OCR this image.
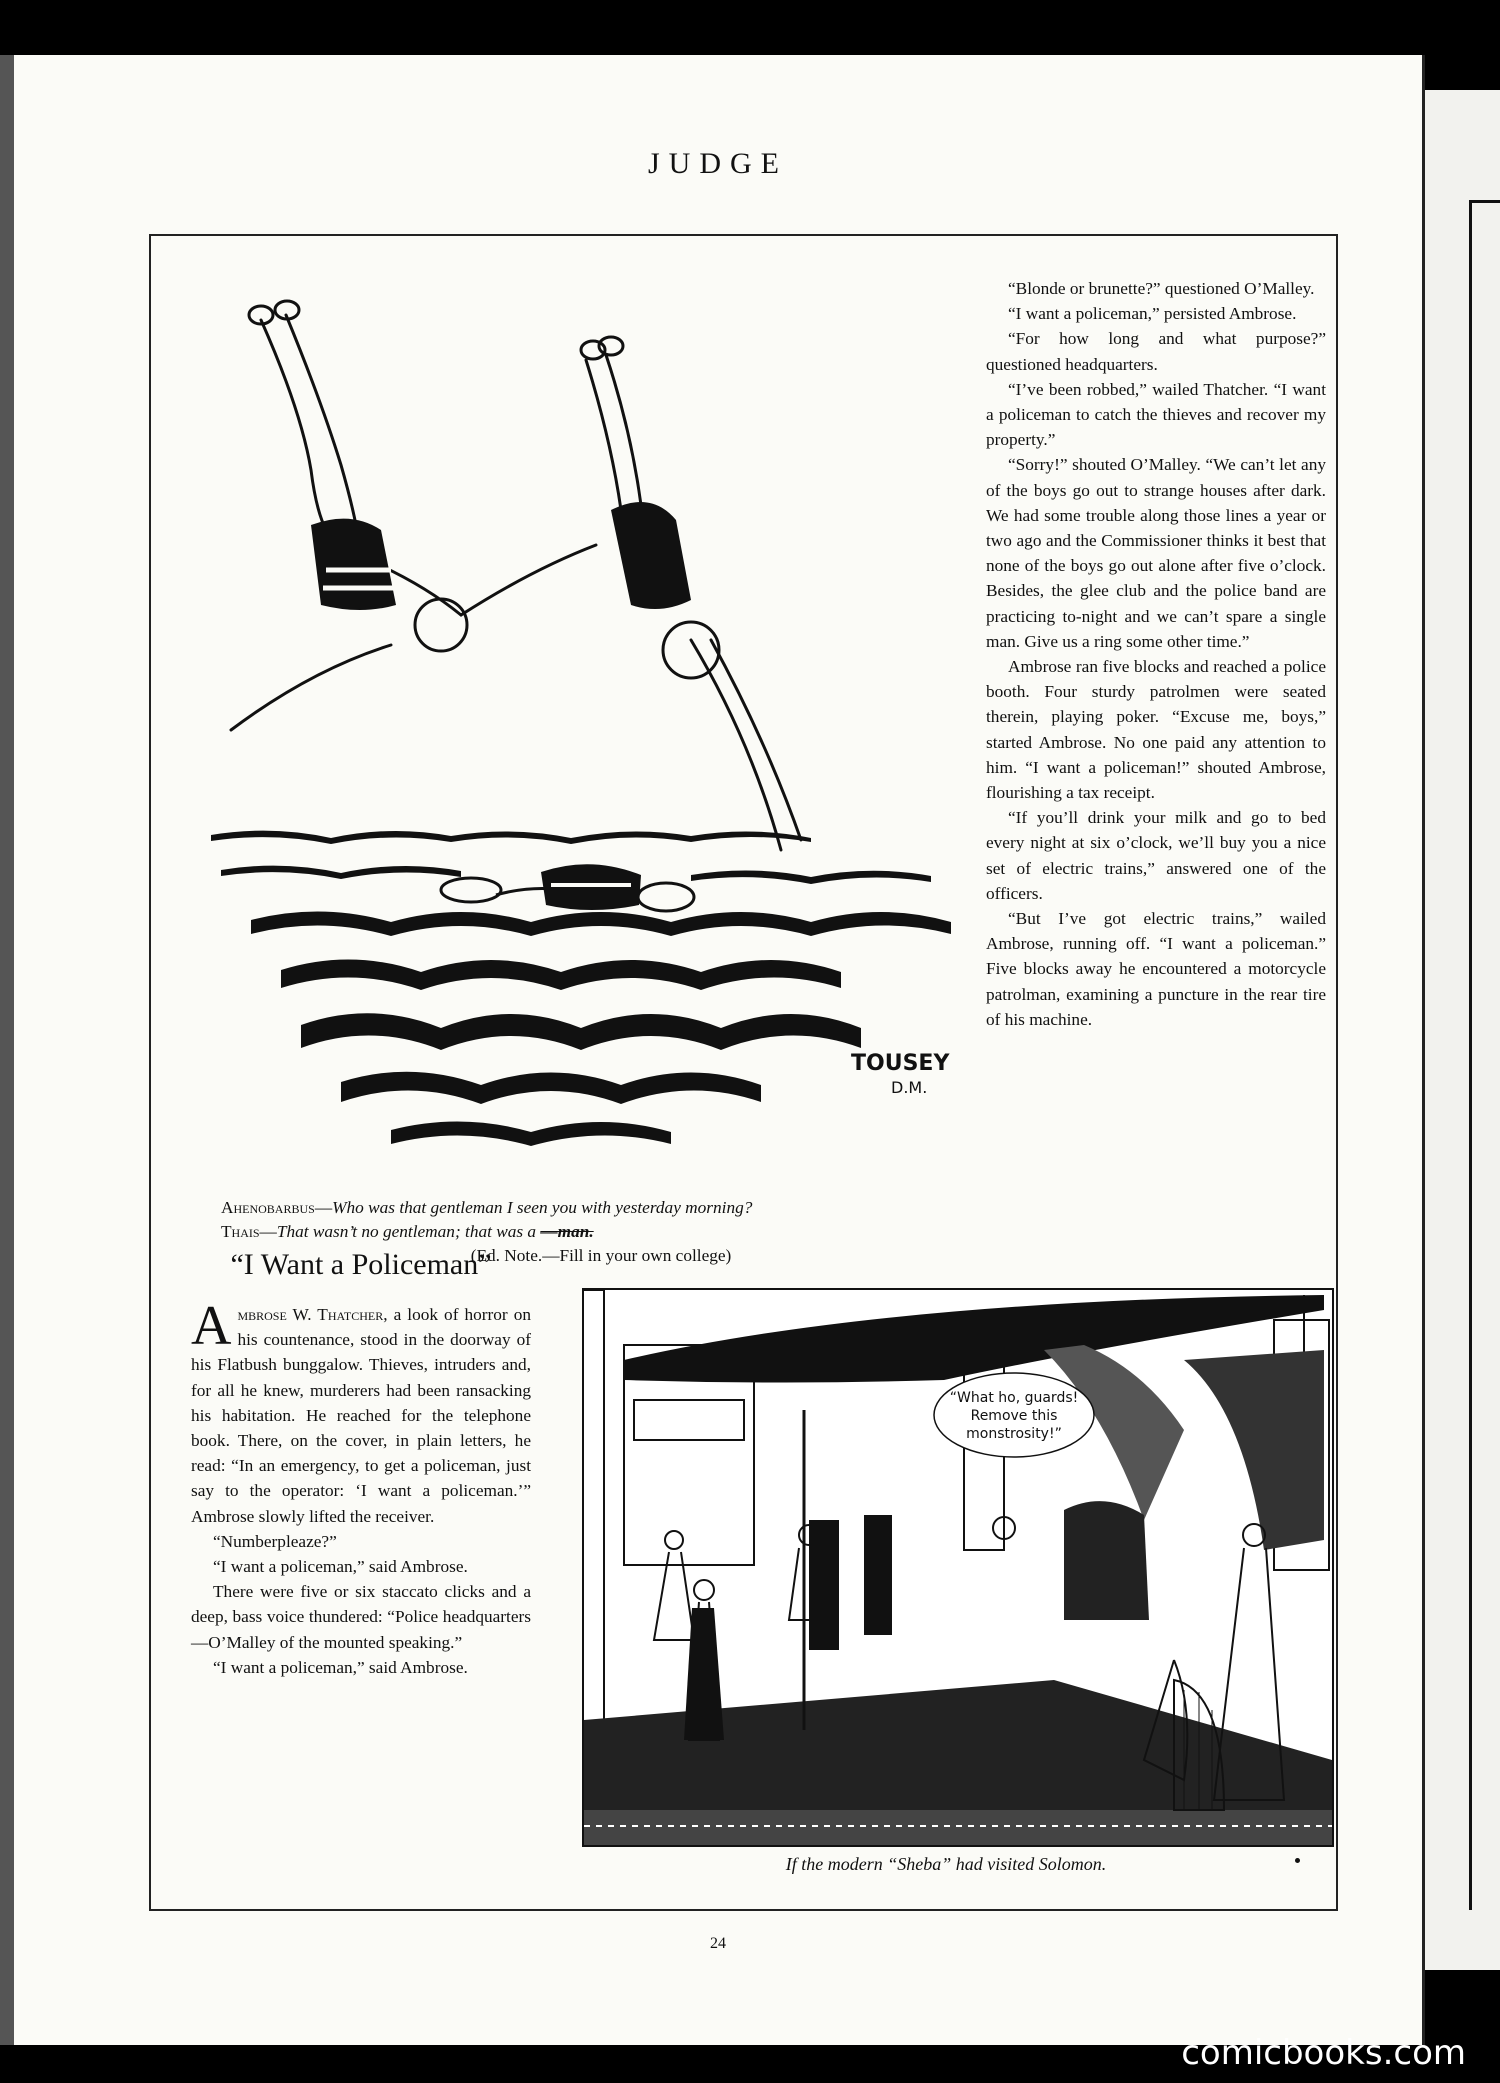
JUDGE
TOUSEY
D.M.

Ahenobarbus—Who was that gentleman I seen you with yesterday morning?

Thais—That wasn’t no gentleman; that was a —man.

(Ed. Note.—Fill in your own college)

“Blonde or brunette?” questioned O’Malley.

“I want a policeman,” persisted Ambrose.

“For how long and what purpose?” questioned headquarters.

“I’ve been robbed,” wailed Thatcher. “I want a policeman to catch the thieves and recover my property.”

“Sorry!” shouted O’Malley. “We can’t let any of the boys go out to strange houses after dark. We had some trouble along those lines a year or two ago and the Commissioner thinks it best that none of the boys go out alone after five o’clock. Besides, the glee club and the police band are practicing to-night and we can’t spare a single man. Give us a ring some other time.”

Ambrose ran five blocks and reached a police booth. Four sturdy patrolmen were seated therein, playing poker. “Excuse me, boys,” started Ambrose. No one paid any attention to him. “I want a policeman!” shouted Ambrose, flourishing a tax receipt.

“If you’ll drink your milk and go to bed every night at six o’clock, we’ll buy you a nice set of electric trains,” answered one of the officers.

“But I’ve got electric trains,” wailed Ambrose, running off. “I want a policeman.” Five blocks away he encountered a motorcycle patrolman, examining a puncture in the rear tire of his machine.

“I Want a Policeman”

Ambrose W. Thatcher, a look of horror on his countenance, stood in the doorway of his Flatbush bunggalow. Thieves, intruders and, for all he knew, murderers had been ransacking his habitation. He reached for the telephone book. There, on the cover, in plain letters, he read: “In an emergency, to get a policeman, just say to the operator: ‘I want a policeman.’” Ambrose slowly lifted the receiver.

“Numberpleaze?”

“I want a policeman,” said Ambrose.

There were five or six staccato clicks and a deep, bass voice thundered: “Police headquarters—O’Malley of the mounted speaking.”

“I want a policeman,” said Ambrose.

“What ho, guards!
Remove this
monstrosity!”
If the modern “Sheba” had visited Solomon.
24
comicbooks.com
